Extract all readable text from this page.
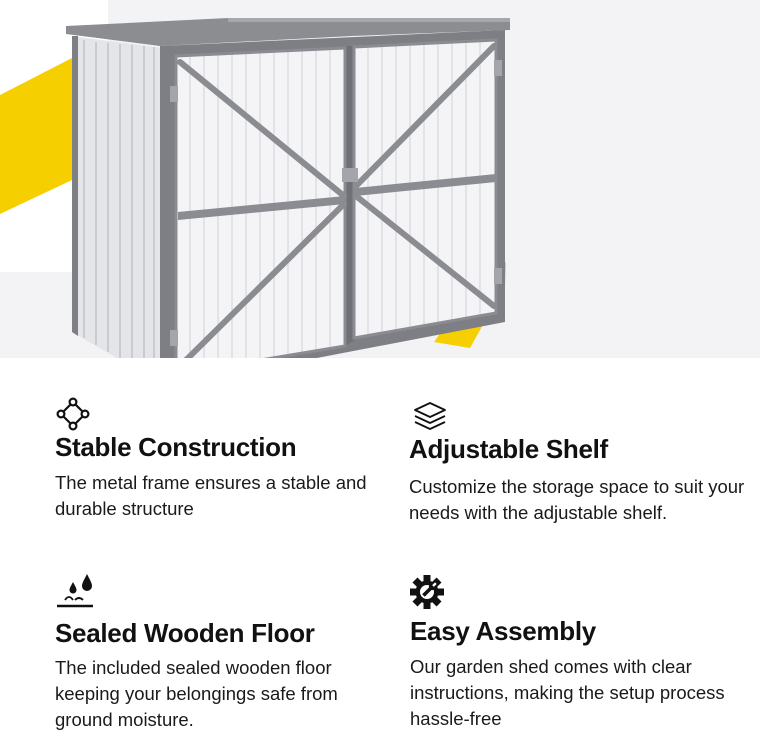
Stable Construction
The metal frame ensures a stable and durable structure
Adjustable Shelf
Customize the storage space to suit your needs with the adjustable shelf.
Sealed Wooden Floor
The included sealed wooden floor keeping your belongings safe from ground moisture.
Easy Assembly
Our garden shed comes with clear instructions, making the setup process hassle-free
